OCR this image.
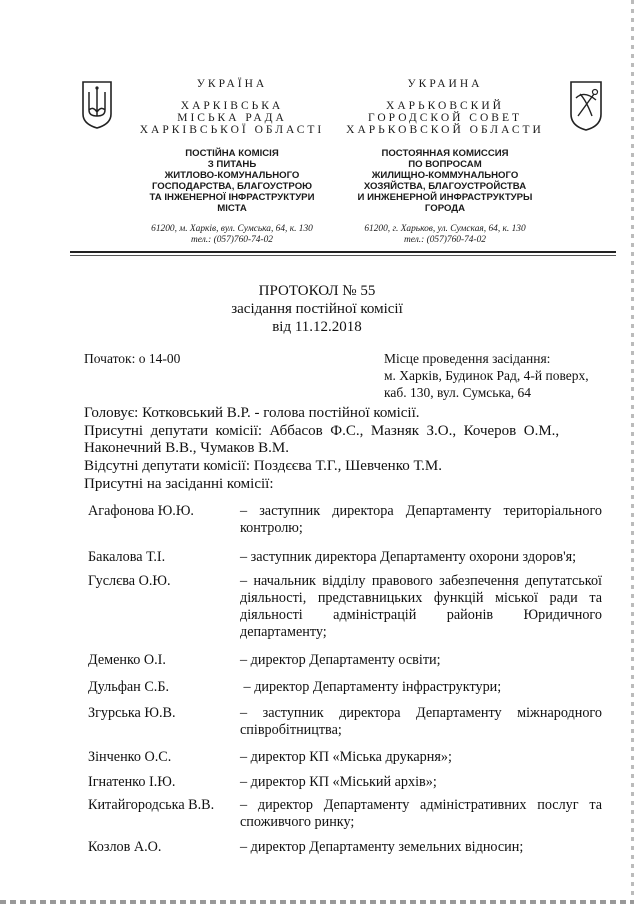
УКРАЇНА
ХАРКІВСЬКА
МІСЬКА РАДА
ХАРКІВСЬКОЇ ОБЛАСТІ
ПОСТІЙНА КОМІСІЯ
З ПИТАНЬ
ЖИТЛОВО-КОМУНАЛЬНОГО
ГОСПОДАРСТВА, БЛАГОУСТРОЮ
ТА ІНЖЕНЕРНОЇ ІНФРАСТРУКТУРИ
МІСТА
61200, м. Харків, вул. Сумська, 64, к. 130
тел.: (057)760-74-02
УКРАИНА
ХАРЬКОВСКИЙ
ГОРОДСКОЙ СОВЕТ
ХАРЬКОВСКОЙ ОБЛАСТИ
ПОСТОЯННАЯ КОМИССИЯ
ПО ВОПРОСАМ
ЖИЛИЩНО-КОММУНАЛЬНОГО
ХОЗЯЙСТВА, БЛАГОУСТРОЙСТВА
И ИНЖЕНЕРНОЙ ИНФРАСТРУКТУРЫ
ГОРОДА
61200, г. Харьков, ул. Сумская, 64, к. 130
тел.: (057)760-74-02
ПРОТОКОЛ № 55
засідання постійної комісії
від 11.12.2018
Початок: о 14-00	Місце проведення засідання:
м. Харків, Будинок Рад, 4-й поверх,
каб. 130, вул. Сумська, 64
Головує: Котковський В.Р. - голова постійної комісії.
Присутні  депутати  комісії:  Аббасов  Ф.С.,  Мазняк  З.О.,  Кочеров  О.М.,
Наконечний В.В., Чумаков В.М.
Відсутні депутати комісії: Поздєєва Т.Г., Шевченко Т.М.
Присутні на засіданні комісії:
Агафонова Ю.Ю.	– заступник директора Департаменту територіального контролю;
Бакалова Т.І.	– заступник директора Департаменту охорони здоров'я;
Гуслєва О.Ю.	– начальник відділу правового забезпечення депутатської діяльності, представницьких функцій міської ради та діяльності адміністрацій районів Юридичного департаменту;
Деменко О.І.	– директор Департаменту освіти;
Дульфан С.Б.	– директор Департаменту інфраструктури;
Згурська Ю.В.	– заступник директора Департаменту міжнародного співробітництва;
Зінченко О.С.	– директор КП «Міська друкарня»;
Ігнатенко І.Ю.	– директор КП «Міський архів»;
Китайгородська В.В.	– директор Департаменту адміністративних послуг та споживчого ринку;
Козлов А.О.	– директор Департаменту земельних відносин;
